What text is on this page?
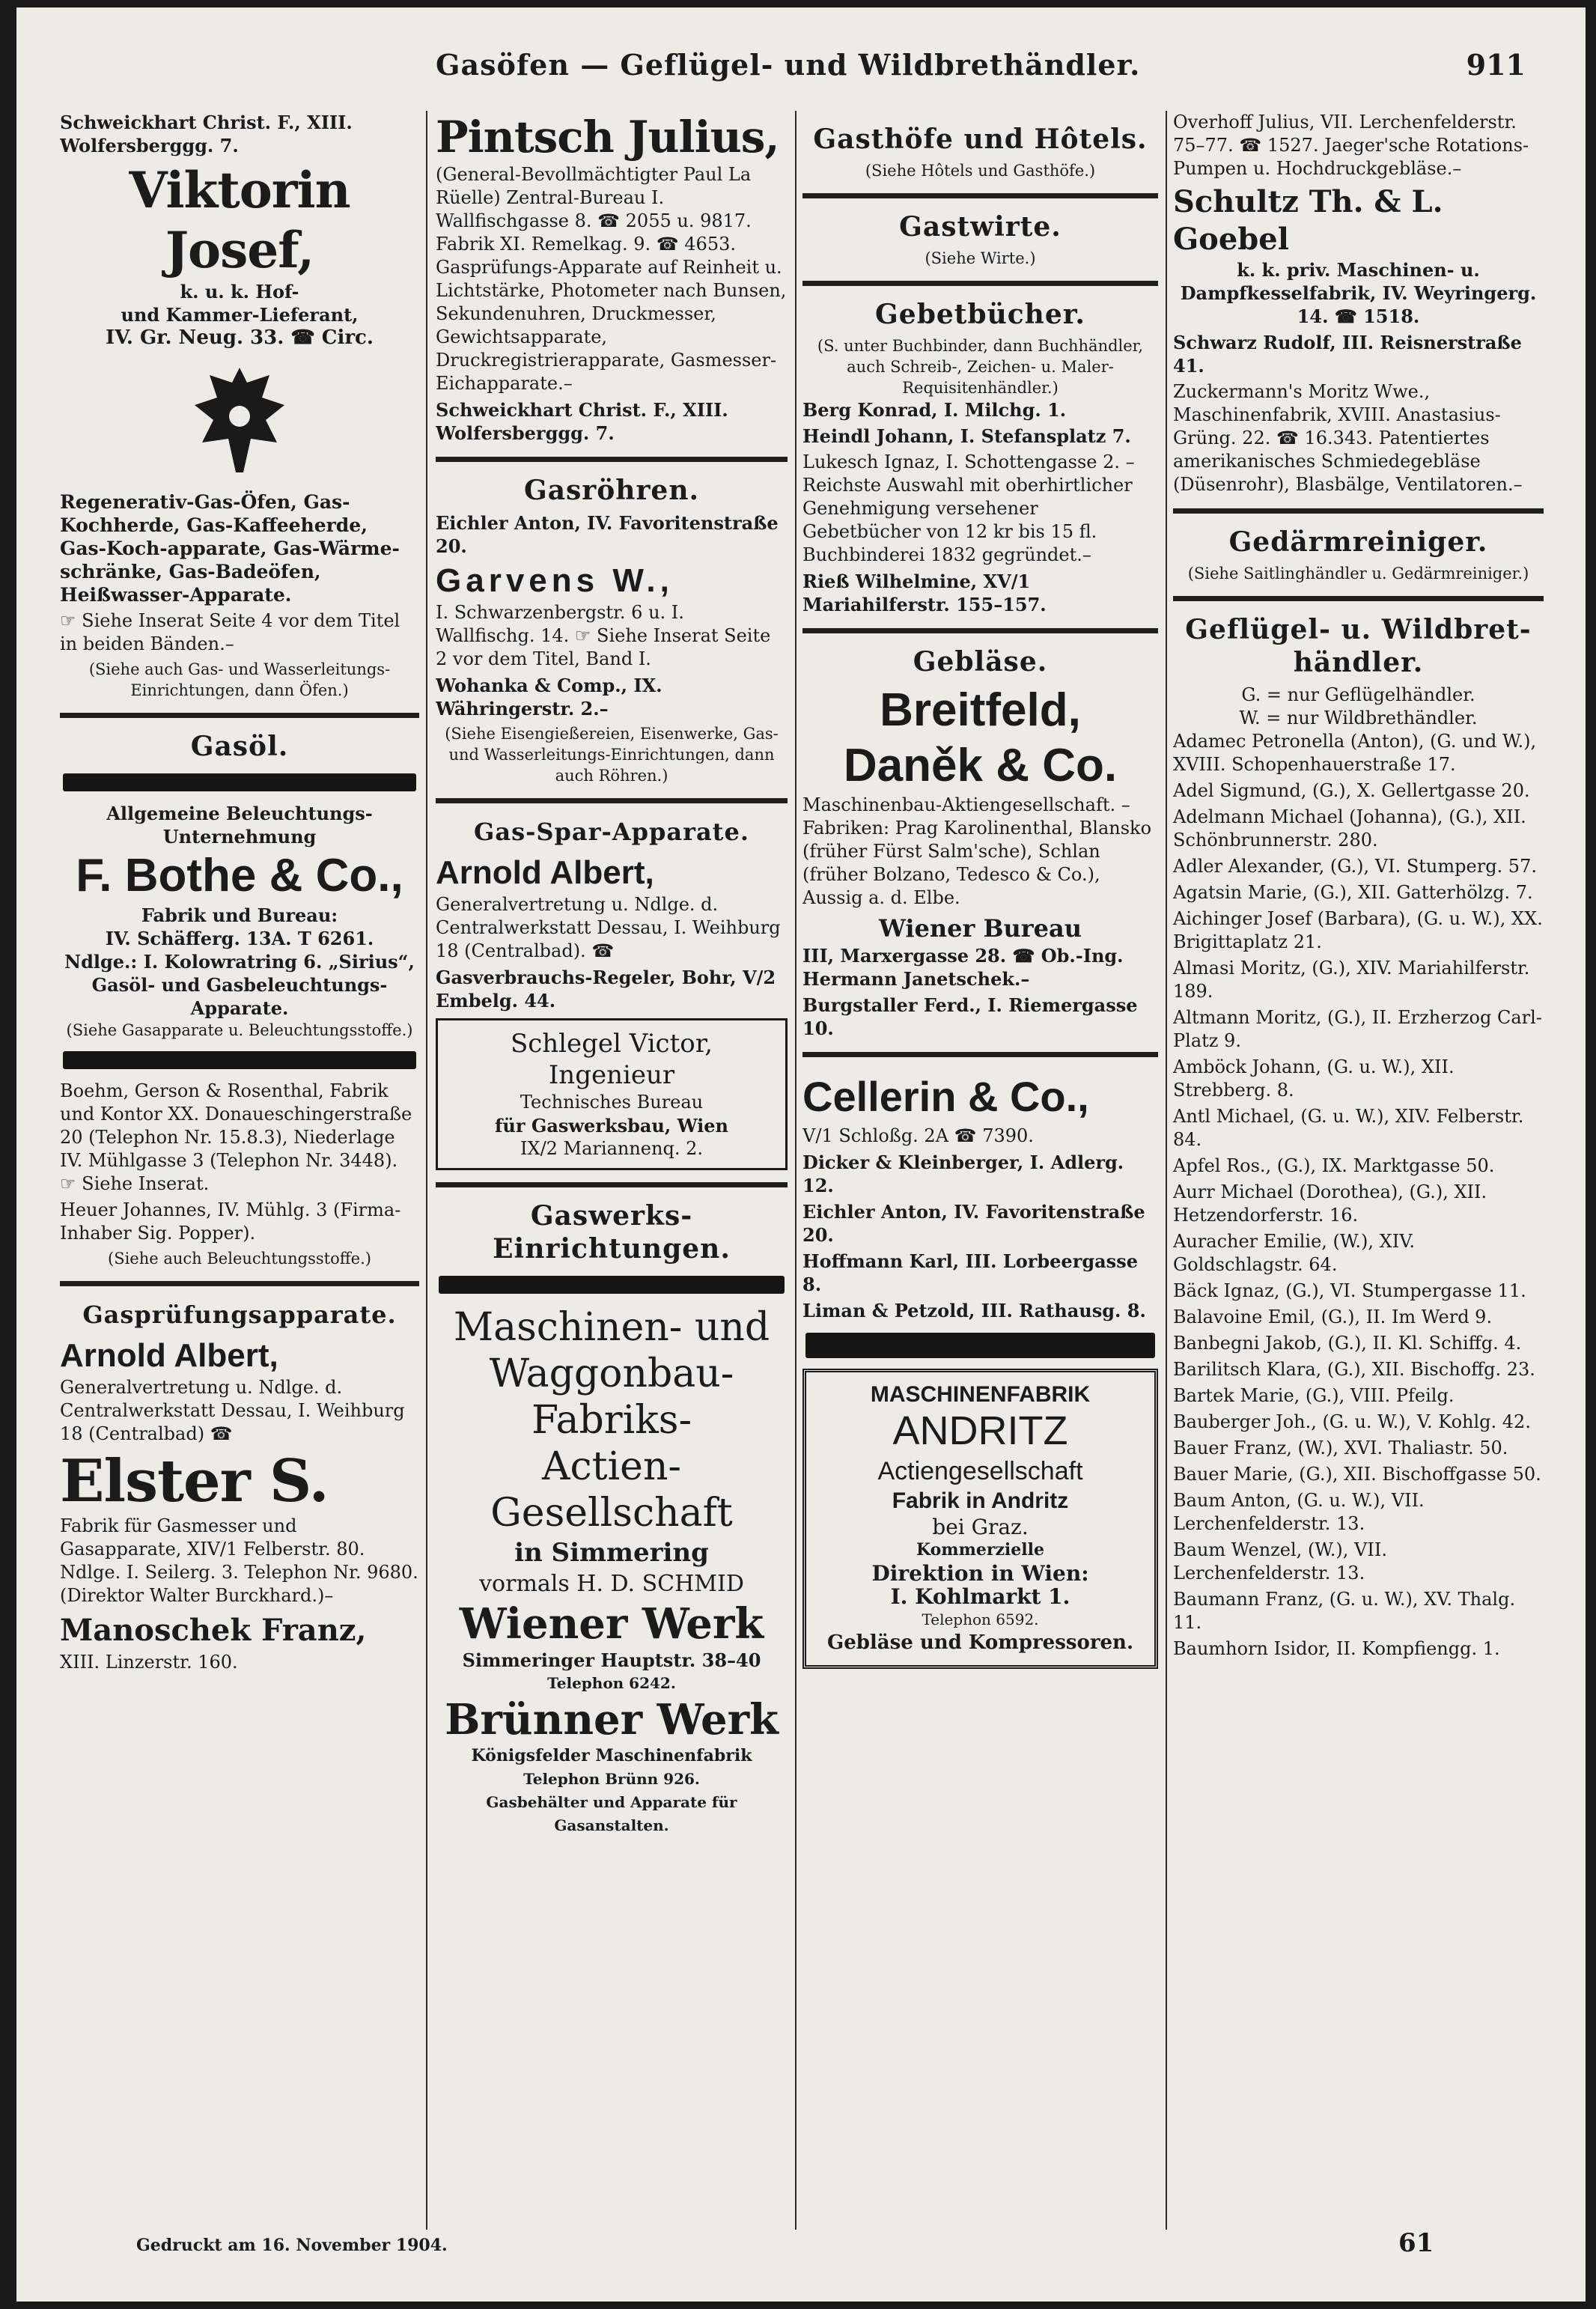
Gasöfen — Geflügel- und Wildbrethändler.	911
Schweickhart Christ. F., XIII. Wolfersberggg. 7.
Viktorin Josef,
k. u. k. Hof-
und Kammer-Lieferant,
IV. Gr. Neug. 33. ☎ Circ.
Regenerativ-Gas-Öfen, Gas-Kochherde, Gas-Kaffeeherde, Gas-Koch-apparate, Gas-Wärme-schränke, Gas-Badeöfen, Heißwasser-Apparate.
☞ Siehe Inserat Seite 4 vor dem Titel in beiden Bänden.–
(Siehe auch Gas- und Wasserleitungs-Einrichtungen, dann Öfen.)
Gasöl.
Allgemeine Beleuchtungs-Unternehmung
F. Bothe & Co.,
Fabrik und Bureau:
IV. Schäfferg. 13A. T 6261.
Ndlge.: I. Kolowratring 6. „Sirius“, Gasöl- und Gasbeleuchtungs-Apparate.
(Siehe Gasapparate u. Beleuchtungsstoffe.)
Boehm, Gerson & Rosenthal, Fabrik und Kontor XX. Donaueschingerstraße 20 (Telephon Nr. 15.8.3), Niederlage IV. Mühlgasse 3 (Telephon Nr. 3448). ☞ Siehe Inserat.
Heuer Johannes, IV. Mühlg. 3 (Firma-Inhaber Sig. Popper).
(Siehe auch Beleuchtungsstoffe.)
Gasprüfungsapparate.
Arnold Albert,
Generalvertretung u. Ndlge. d. Centralwerkstatt Dessau, I. Weihburg 18 (Centralbad) ☎
Elster S.
Fabrik für Gasmesser und Gasapparate, XIV/1 Felberstr. 80. Ndlge. I. Seilerg. 3. Telephon Nr. 9680. (Direktor Walter Burckhard.)–
Manoschek Franz,
XIII. Linzerstr. 160.
Pintsch Julius,
(General-Bevollmächtigter Paul La Rüelle) Zentral-Bureau I. Wallfischgasse 8. ☎ 2055 u. 9817. Fabrik XI. Remelkag. 9. ☎ 4653. Gasprüfungs-Apparate auf Reinheit u. Lichtstärke, Photometer nach Bunsen, Sekundenuhren, Druckmesser, Gewichtsapparate, Druckregistrierapparate, Gasmesser-Eichapparate.–
Schweickhart Christ. F., XIII. Wolfersberggg. 7.
Gasröhren.
Eichler Anton, IV. Favoritenstraße 20.
Garvens W.,
I. Schwarzenbergstr. 6 u. I. Wallfischg. 14. ☞ Siehe Inserat Seite 2 vor dem Titel, Band I.
Wohanka & Comp., IX. Währingerstr. 2.–
(Siehe Eisengießereien, Eisenwerke, Gas- und Wasserleitungs-Einrichtungen, dann auch Röhren.)
Gas-Spar-Apparate.
Arnold Albert,
Generalvertretung u. Ndlge. d. Centralwerkstatt Dessau, I. Weihburg 18 (Centralbad). ☎
Gasverbrauchs-Regeler, Bohr, V/2 Embelg. 44.
Schlegel Victor, Ingenieur
Technisches Bureau
für Gaswerksbau, Wien
IX/2 Mariannenq. 2.
Gaswerks-Einrichtungen.
Maschinen- und
Waggonbau-Fabriks-
Actien-Gesellschaft
in Simmering
vormals H. D. SCHMID
Wiener Werk
Simmeringer Hauptstr. 38–40
Telephon 6242.
Brünner Werk
Königsfelder Maschinenfabrik
Telephon Brünn 926.
Gasbehälter und Apparate für Gasanstalten.
Gasthöfe und Hôtels.
(Siehe Hôtels und Gasthöfe.)
Gastwirte.
(Siehe Wirte.)
Gebetbücher.
(S. unter Buchbinder, dann Buchhändler, auch Schreib-, Zeichen- u. Maler-Requisitenhändler.)
Berg Konrad, I. Milchg. 1.
Heindl Johann, I. Stefansplatz 7.
Lukesch Ignaz, I. Schottengasse 2. –Reichste Auswahl mit oberhirtlicher Genehmigung versehener Gebetbücher von 12 kr bis 15 fl. Buchbinderei 1832 gegründet.–
Rieß Wilhelmine, XV/1 Mariahilferstr. 155–157.
Gebläse.
Breitfeld,
Daněk & Co.
Maschinenbau-Aktiengesellschaft. –Fabriken: Prag Karolinenthal, Blansko (früher Fürst Salm'sche), Schlan (früher Bolzano, Tedesco & Co.), Aussig a. d. Elbe.
Wiener Bureau
III, Marxergasse 28. ☎ Ob.-Ing. Hermann Janetschek.–
Burgstaller Ferd., I. Riemergasse 10.
Cellerin & Co.,
V/1 Schloßg. 2A ☎ 7390.
Dicker & Kleinberger, I. Adlerg. 12.
Eichler Anton, IV. Favoritenstraße 20.
Hoffmann Karl, III. Lorbeergasse 8.
Liman & Petzold, III. Rathausg. 8.
MASCHINENFABRIK
ANDRITZ
Actiengesellschaft
Fabrik in Andritz
bei Graz.
Kommerzielle
Direktion in Wien:
I. Kohlmarkt 1.
Telephon 6592.
Gebläse und Kompressoren.
Overhoff Julius, VII. Lerchenfelderstr. 75–77. ☎ 1527. Jaeger'sche Rotations-Pumpen u. Hochdruckgebläse.–
Schultz Th. & L. Goebel
k. k. priv. Maschinen- u. Dampfkesselfabrik, IV. Weyringerg. 14. ☎ 1518.
Schwarz Rudolf, III. Reisnerstraße 41.
Zuckermann's Moritz Wwe., Maschinenfabrik, XVIII. Anastasius-Grüng. 22. ☎ 16.343. Patentiertes amerikanisches Schmiedegebläse (Düsenrohr), Blasbälge, Ventilatoren.–
Gedärmreiniger.
(Siehe Saitlinghändler u. Gedärmreiniger.)
Geflügel- u. Wildbret-
händler.
G. = nur Geflügelhändler.
W. = nur Wildbrethändler.
Adamec Petronella (Anton), (G. und W.), XVIII. Schopenhauerstraße 17.
Adel Sigmund, (G.), X. Gellertgasse 20.
Adelmann Michael (Johanna), (G.), XII. Schönbrunnerstr. 280.
Adler Alexander, (G.), VI. Stumperg. 57.
Agatsin Marie, (G.), XII. Gatterhölzg. 7.
Aichinger Josef (Barbara), (G. u. W.), XX. Brigittaplatz 21.
Almasi Moritz, (G.), XIV. Mariahilferstr. 189.
Altmann Moritz, (G.), II. Erzherzog Carl-Platz 9.
Amböck Johann, (G. u. W.), XII. Strebberg. 8.
Antl Michael, (G. u. W.), XIV. Felberstr. 84.
Apfel Ros., (G.), IX. Marktgasse 50.
Aurr Michael (Dorothea), (G.), XII. Hetzendorferstr. 16.
Auracher Emilie, (W.), XIV. Goldschlagstr. 64.
Bäck Ignaz, (G.), VI. Stumpergasse 11.
Balavoine Emil, (G.), II. Im Werd 9.
Banbegni Jakob, (G.), II. Kl. Schiffg. 4.
Barilitsch Klara, (G.), XII. Bischoffg. 23.
Bartek Marie, (G.), VIII. Pfeilg.
Bauberger Joh., (G. u. W.), V. Kohlg. 42.
Bauer Franz, (W.), XVI. Thaliastr. 50.
Bauer Marie, (G.), XII. Bischoffgasse 50.
Baum Anton, (G. u. W.), VII. Lerchenfelderstr. 13.
Baum Wenzel, (W.), VII. Lerchenfelderstr. 13.
Baumann Franz, (G. u. W.), XV. Thalg. 11.
Baumhorn Isidor, II. Kompfiengg. 1.
Gedruckt am 16. November 1904.	61
